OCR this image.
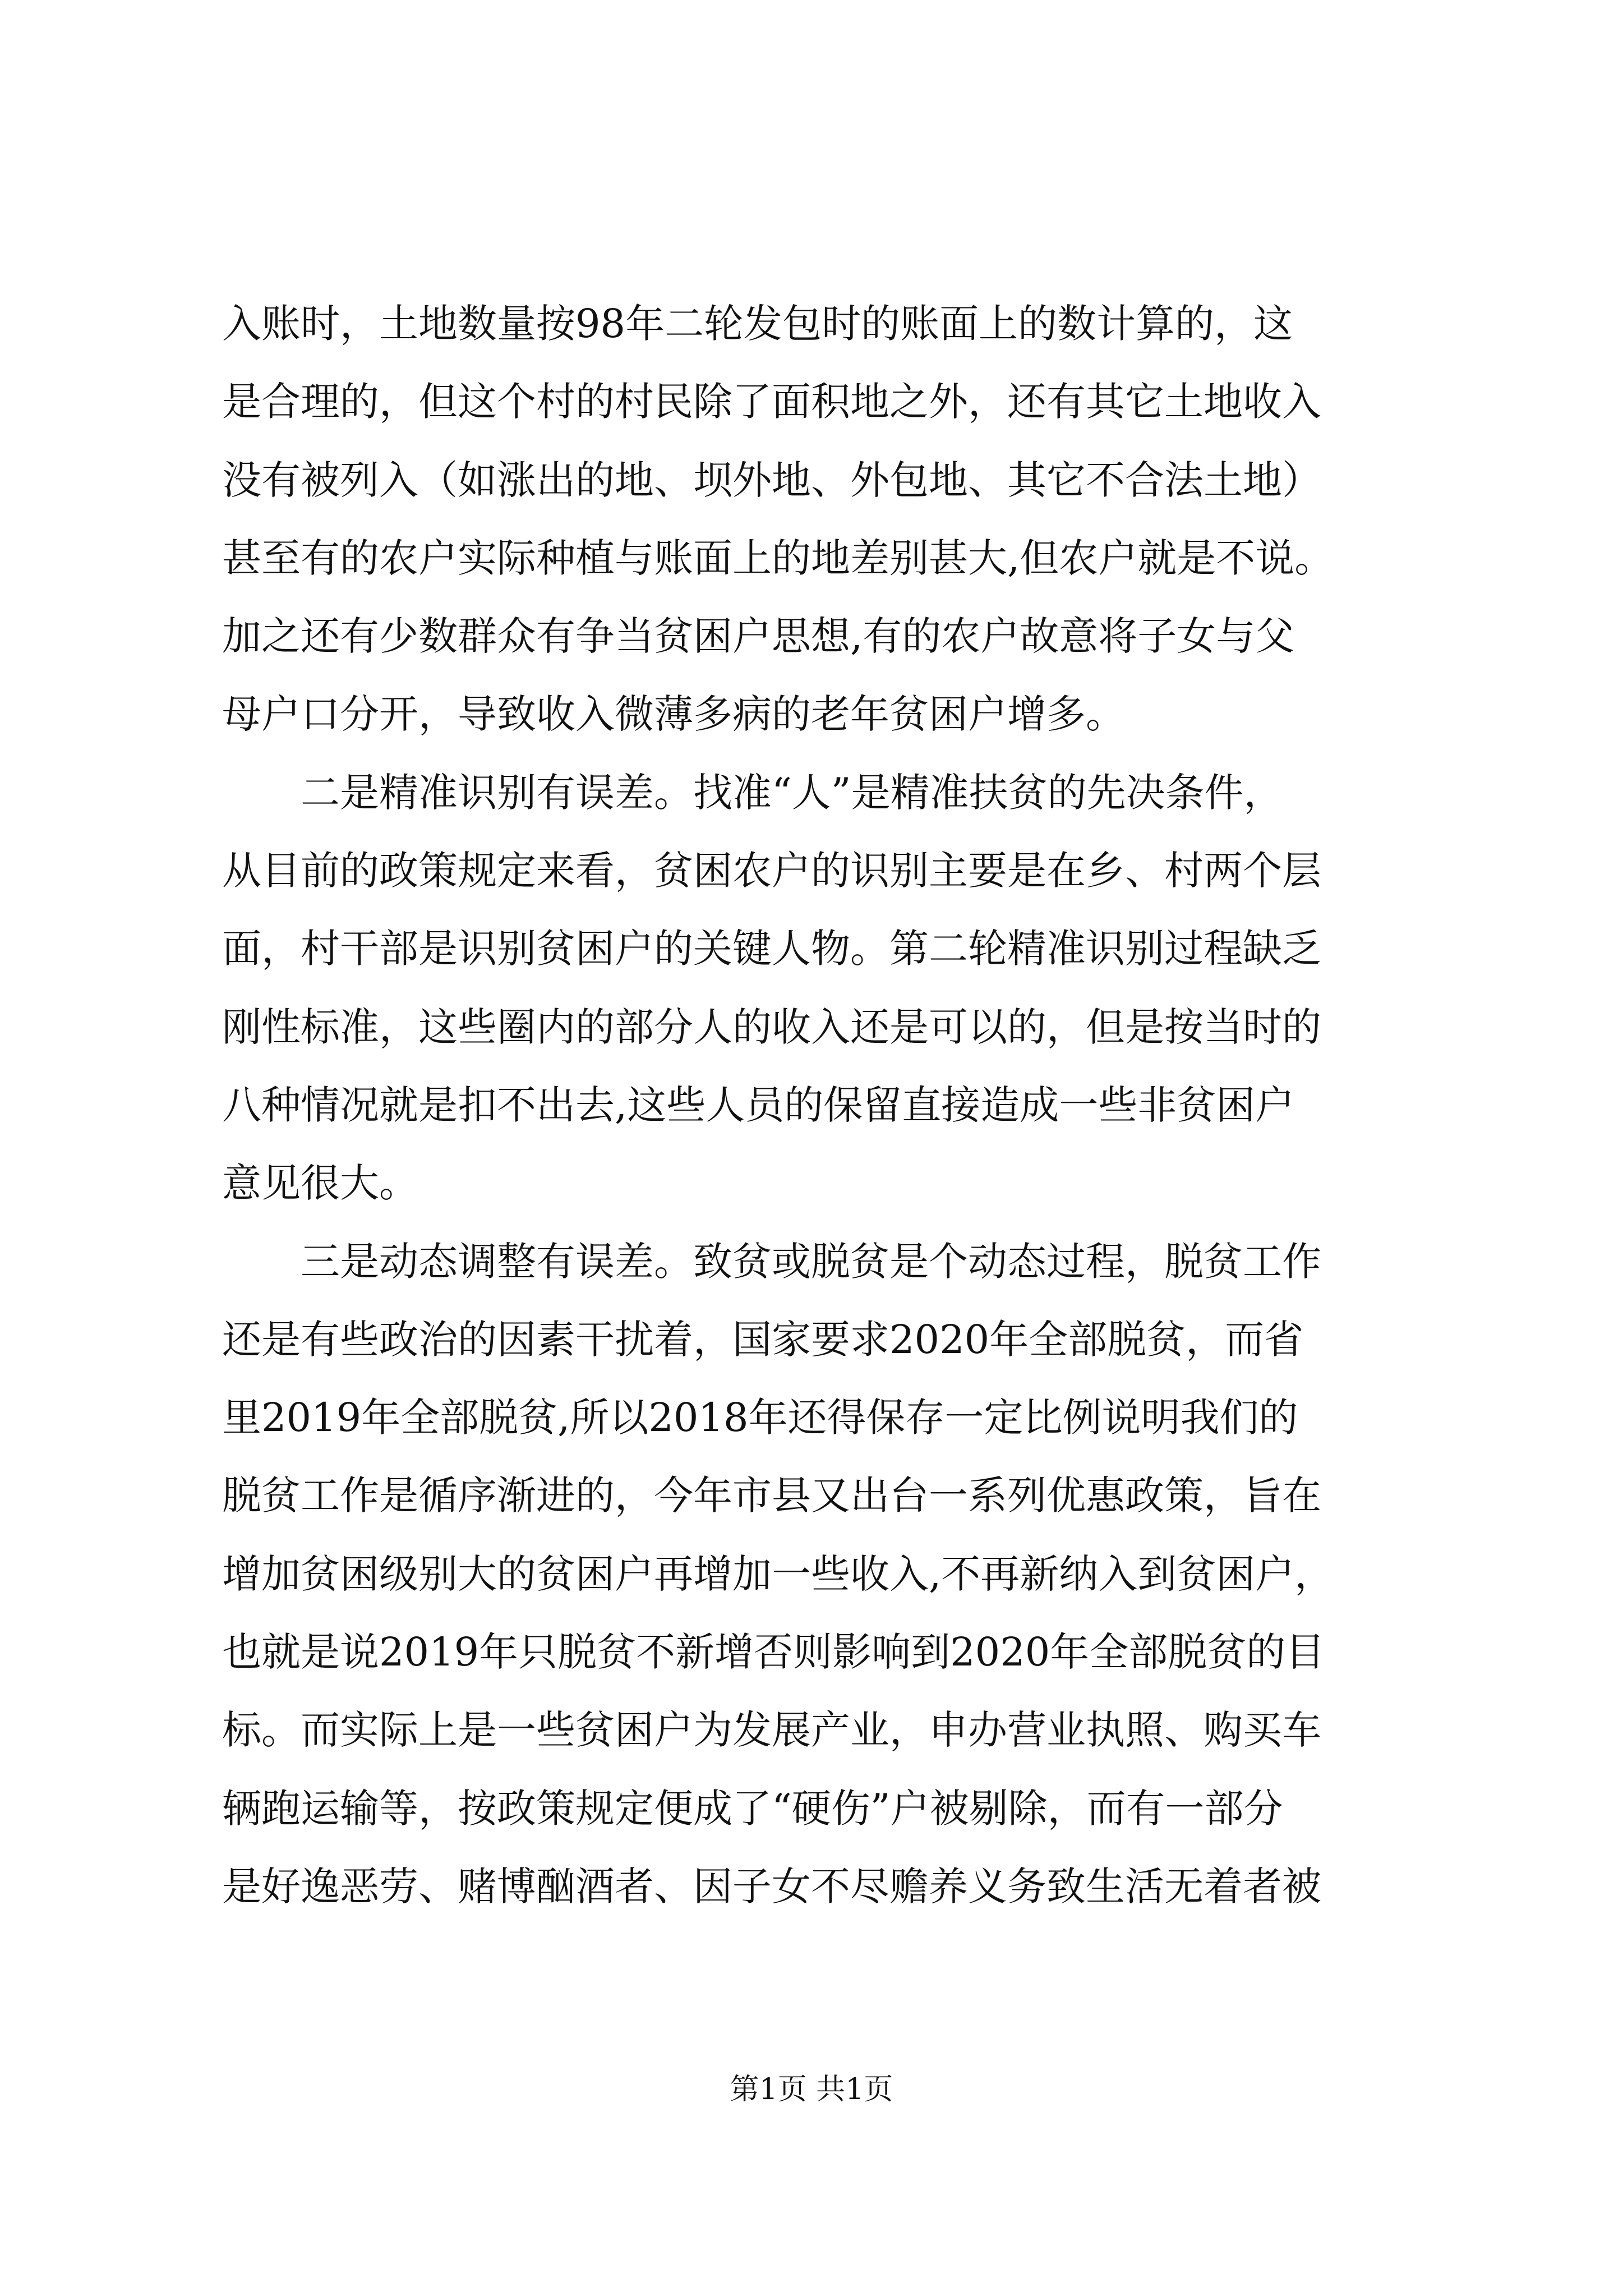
入账时，土地数量按98年二轮发包时的账面上的数计算的，这
是合理的，但这个村的村民除了面积地之外，还有其它土地收入
没有被列入（如涨出的地、坝外地、外包地、其它不合法土地）
甚至有的农户实际种植与账面上的地差别甚大,但农户就是不说。
加之还有少数群众有争当贫困户思想,有的农户故意将子女与父
母户口分开，导致收入微薄多病的老年贫困户增多。
　　二是精准识别有误差。找准“人”是精准扶贫的先决条件，
从目前的政策规定来看，贫困农户的识别主要是在乡、村两个层
面，村干部是识别贫困户的关键人物。第二轮精准识别过程缺乏
刚性标准，这些圈内的部分人的收入还是可以的，但是按当时的
八种情况就是扣不出去,这些人员的保留直接造成一些非贫困户
意见很大。
　　三是动态调整有误差。致贫或脱贫是个动态过程，脱贫工作
还是有些政治的因素干扰着，国家要求2020年全部脱贫，而省
里2019年全部脱贫,所以2018年还得保存一定比例说明我们的
脱贫工作是循序渐进的，今年市县又出台一系列优惠政策，旨在
增加贫困级别大的贫困户再增加一些收入,不再新纳入到贫困户，
也就是说2019年只脱贫不新增否则影响到2020年全部脱贫的目
标。而实际上是一些贫困户为发展产业，申办营业执照、购买车
辆跑运输等，按政策规定便成了“硬伤”户被剔除，而有一部分
是好逸恶劳、赌博酗酒者、因子女不尽赡养义务致生活无着者被
第1页 共1页
